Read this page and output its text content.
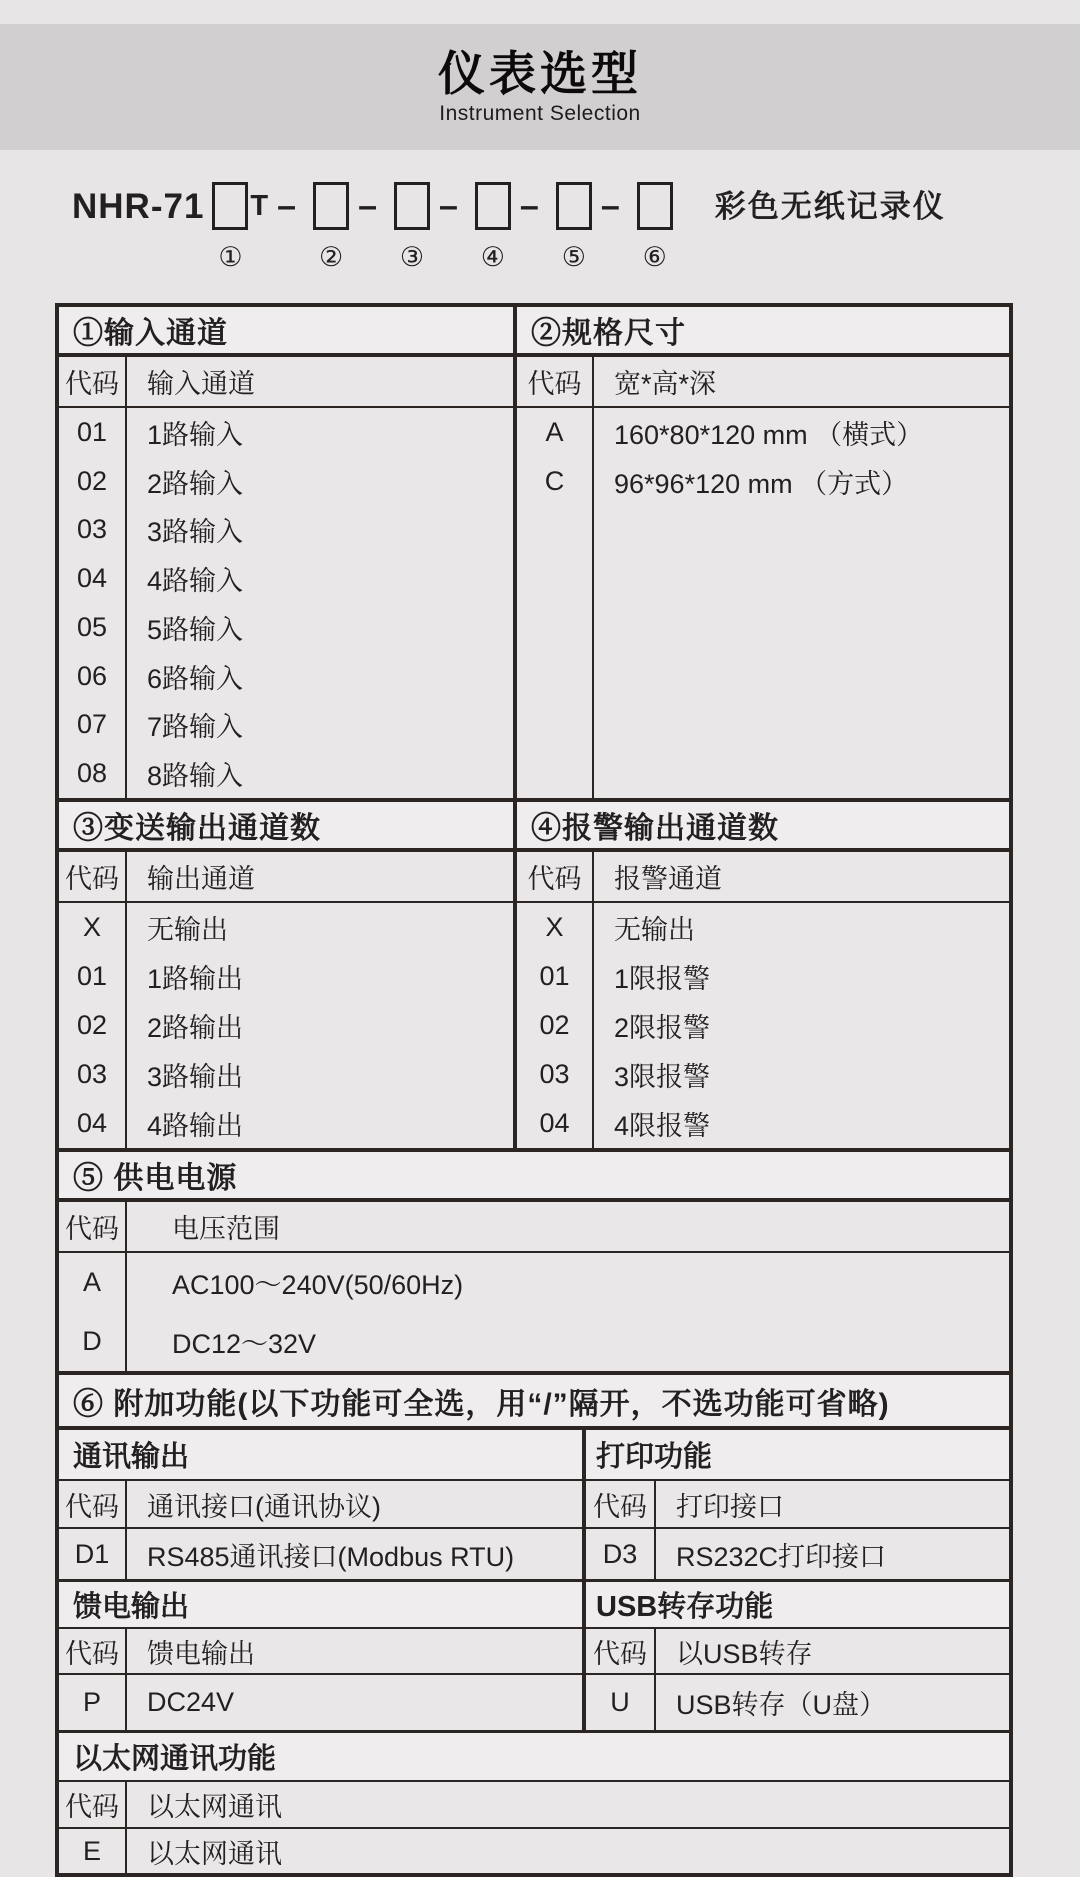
仪表选型
Instrument Selection
NHR-71 T
①
–
②
–
③
–
④
–
⑤
–
⑥
彩色无纸记录仪
①输入通道
代码	输入通道
01	1路输入
02	2路输入
03	3路输入
04	4路输入
05	5路输入
06	6路输入
07	7路输入
08	8路输入
②规格尺寸
代码	宽*高*深
A	160*80*120 mm （横式）
C	96*96*120 mm （方式）
③变送输出通道数
代码	输出通道
X	无输出
01	1路输出
02	2路输出
03	3路输出
04	4路输出
④报警输出通道数
代码	报警通道
X	无输出
01	1限报警
02	2限报警
03	3限报警
04	4限报警
⑤ 供电电源
代码	电压范围
A	AC100～240V(50/60Hz)
D	DC12～32V
⑥ 附加功能(以下功能可全选，用“/”隔开，不选功能可省略)
通讯输出
代码	通讯接口(通讯协议)
D1	RS485通讯接口(Modbus RTU)
馈电输出
代码	馈电输出
P	DC24V
打印功能
代码	打印接口
D3	RS232C打印接口
USB转存功能
代码	以USB转存
U	USB转存（U盘）
以太网通讯功能
代码	以太网通讯
E	以太网通讯
